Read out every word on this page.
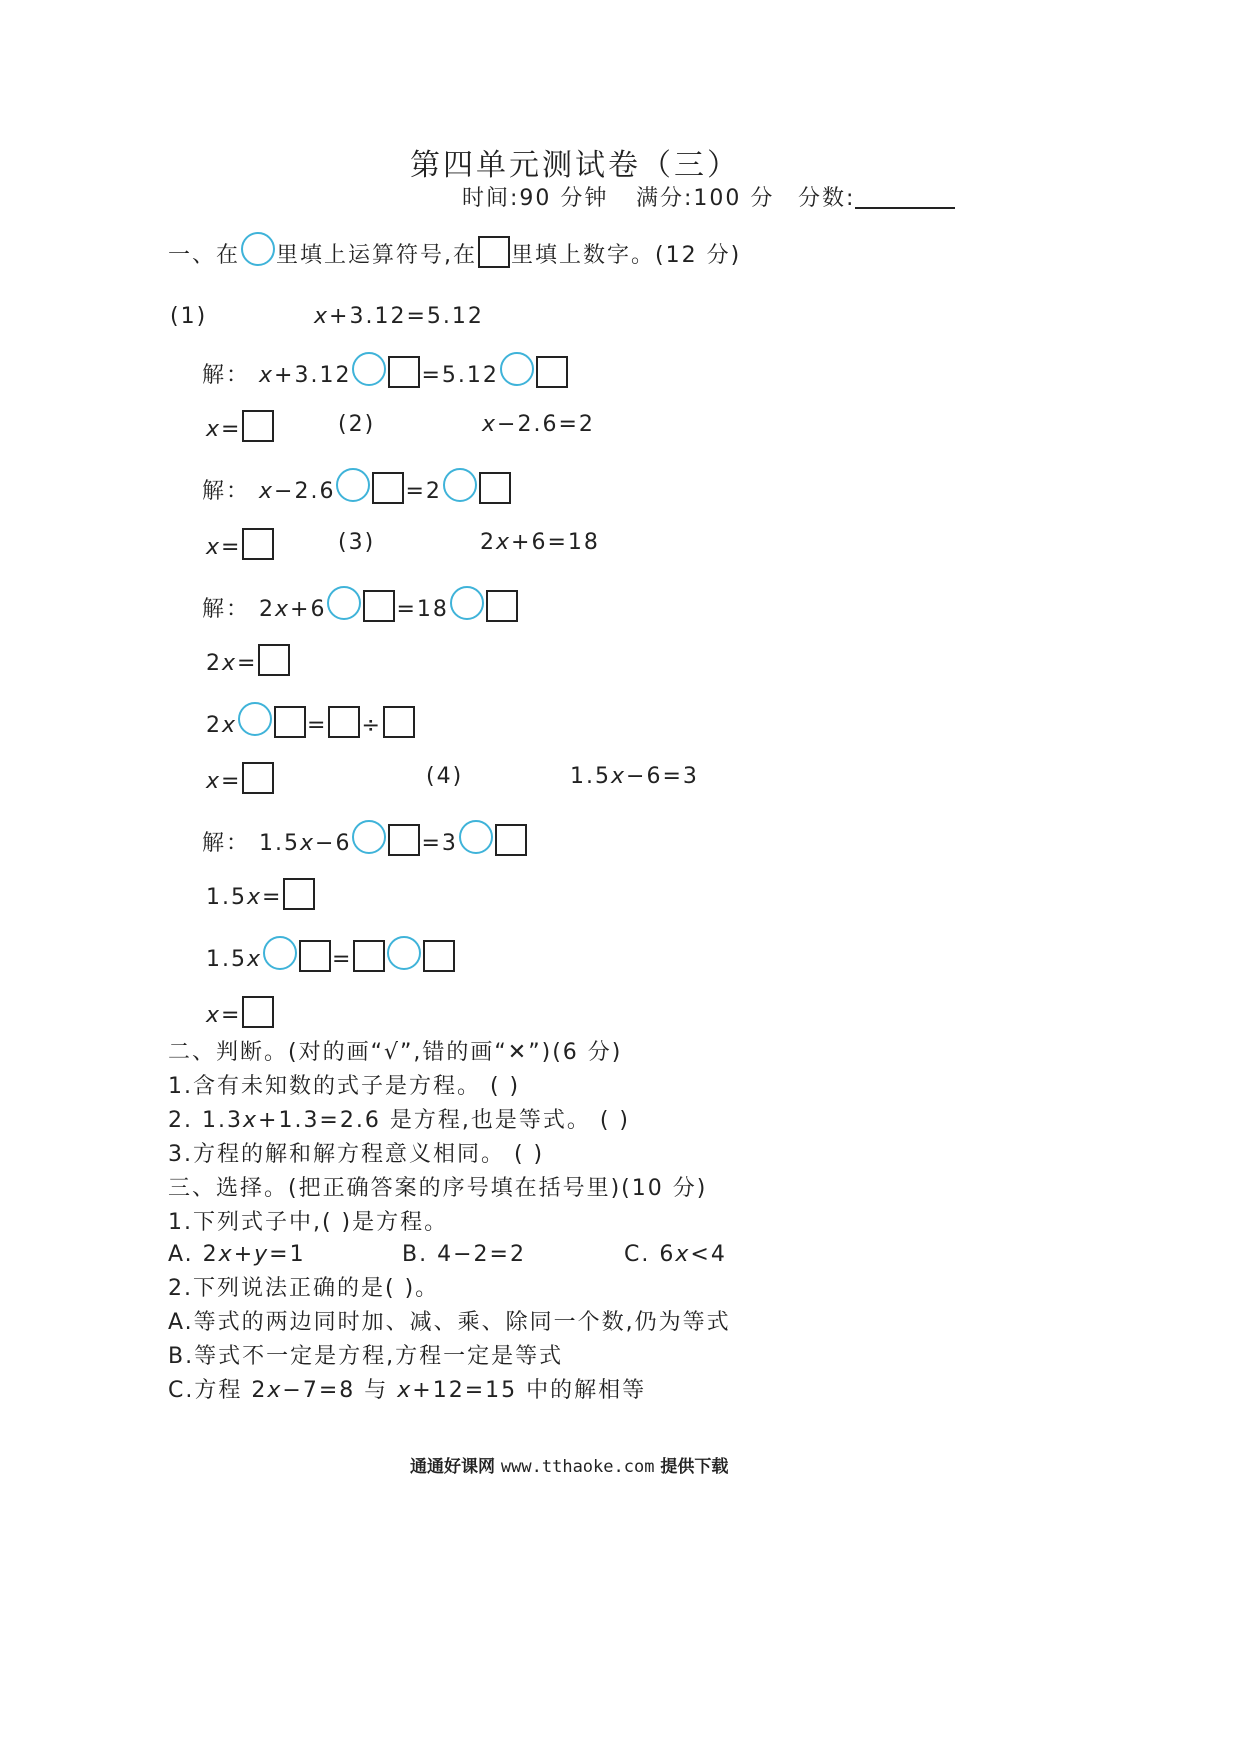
第四单元测试卷（三）
时间:90 分钟 满分:100 分 分数:
一、在 里填上运算符号,在 里填上数字。(12 分)
(1)	x+3.12=5.12
解： x+3.12	=5.12
x=	(2)	x−2.6=2
解： x−2.6	=2
x=	(3)	2x+6=18
解： 2x+6	=18
2x=
2x	= ÷
x=	(4)	1.5x−6=3
解： 1.5x−6	=3
1.5x=
1.5x	=
x=
二、判断。(对的画“√”,错的画“✕”)(6 分)
1.含有未知数的式子是方程。 ( )
2. 1.3x+1.3=2.6 是方程,也是等式。 ( )
3.方程的解和解方程意义相同。 ( )
三、选择。(把正确答案的序号填在括号里)(10 分)
1.下列式子中,( )是方程。
A. 2x+y=1	B. 4−2=2	C. 6x<4
2.下列说法正确的是( )。
A.等式的两边同时加、减、乘、除同一个数,仍为等式
B.等式不一定是方程,方程一定是等式
C.方程 2x−7=8 与 x+12=15 中的解相等
通通好课网 www.tthaoke.com 提供下载
